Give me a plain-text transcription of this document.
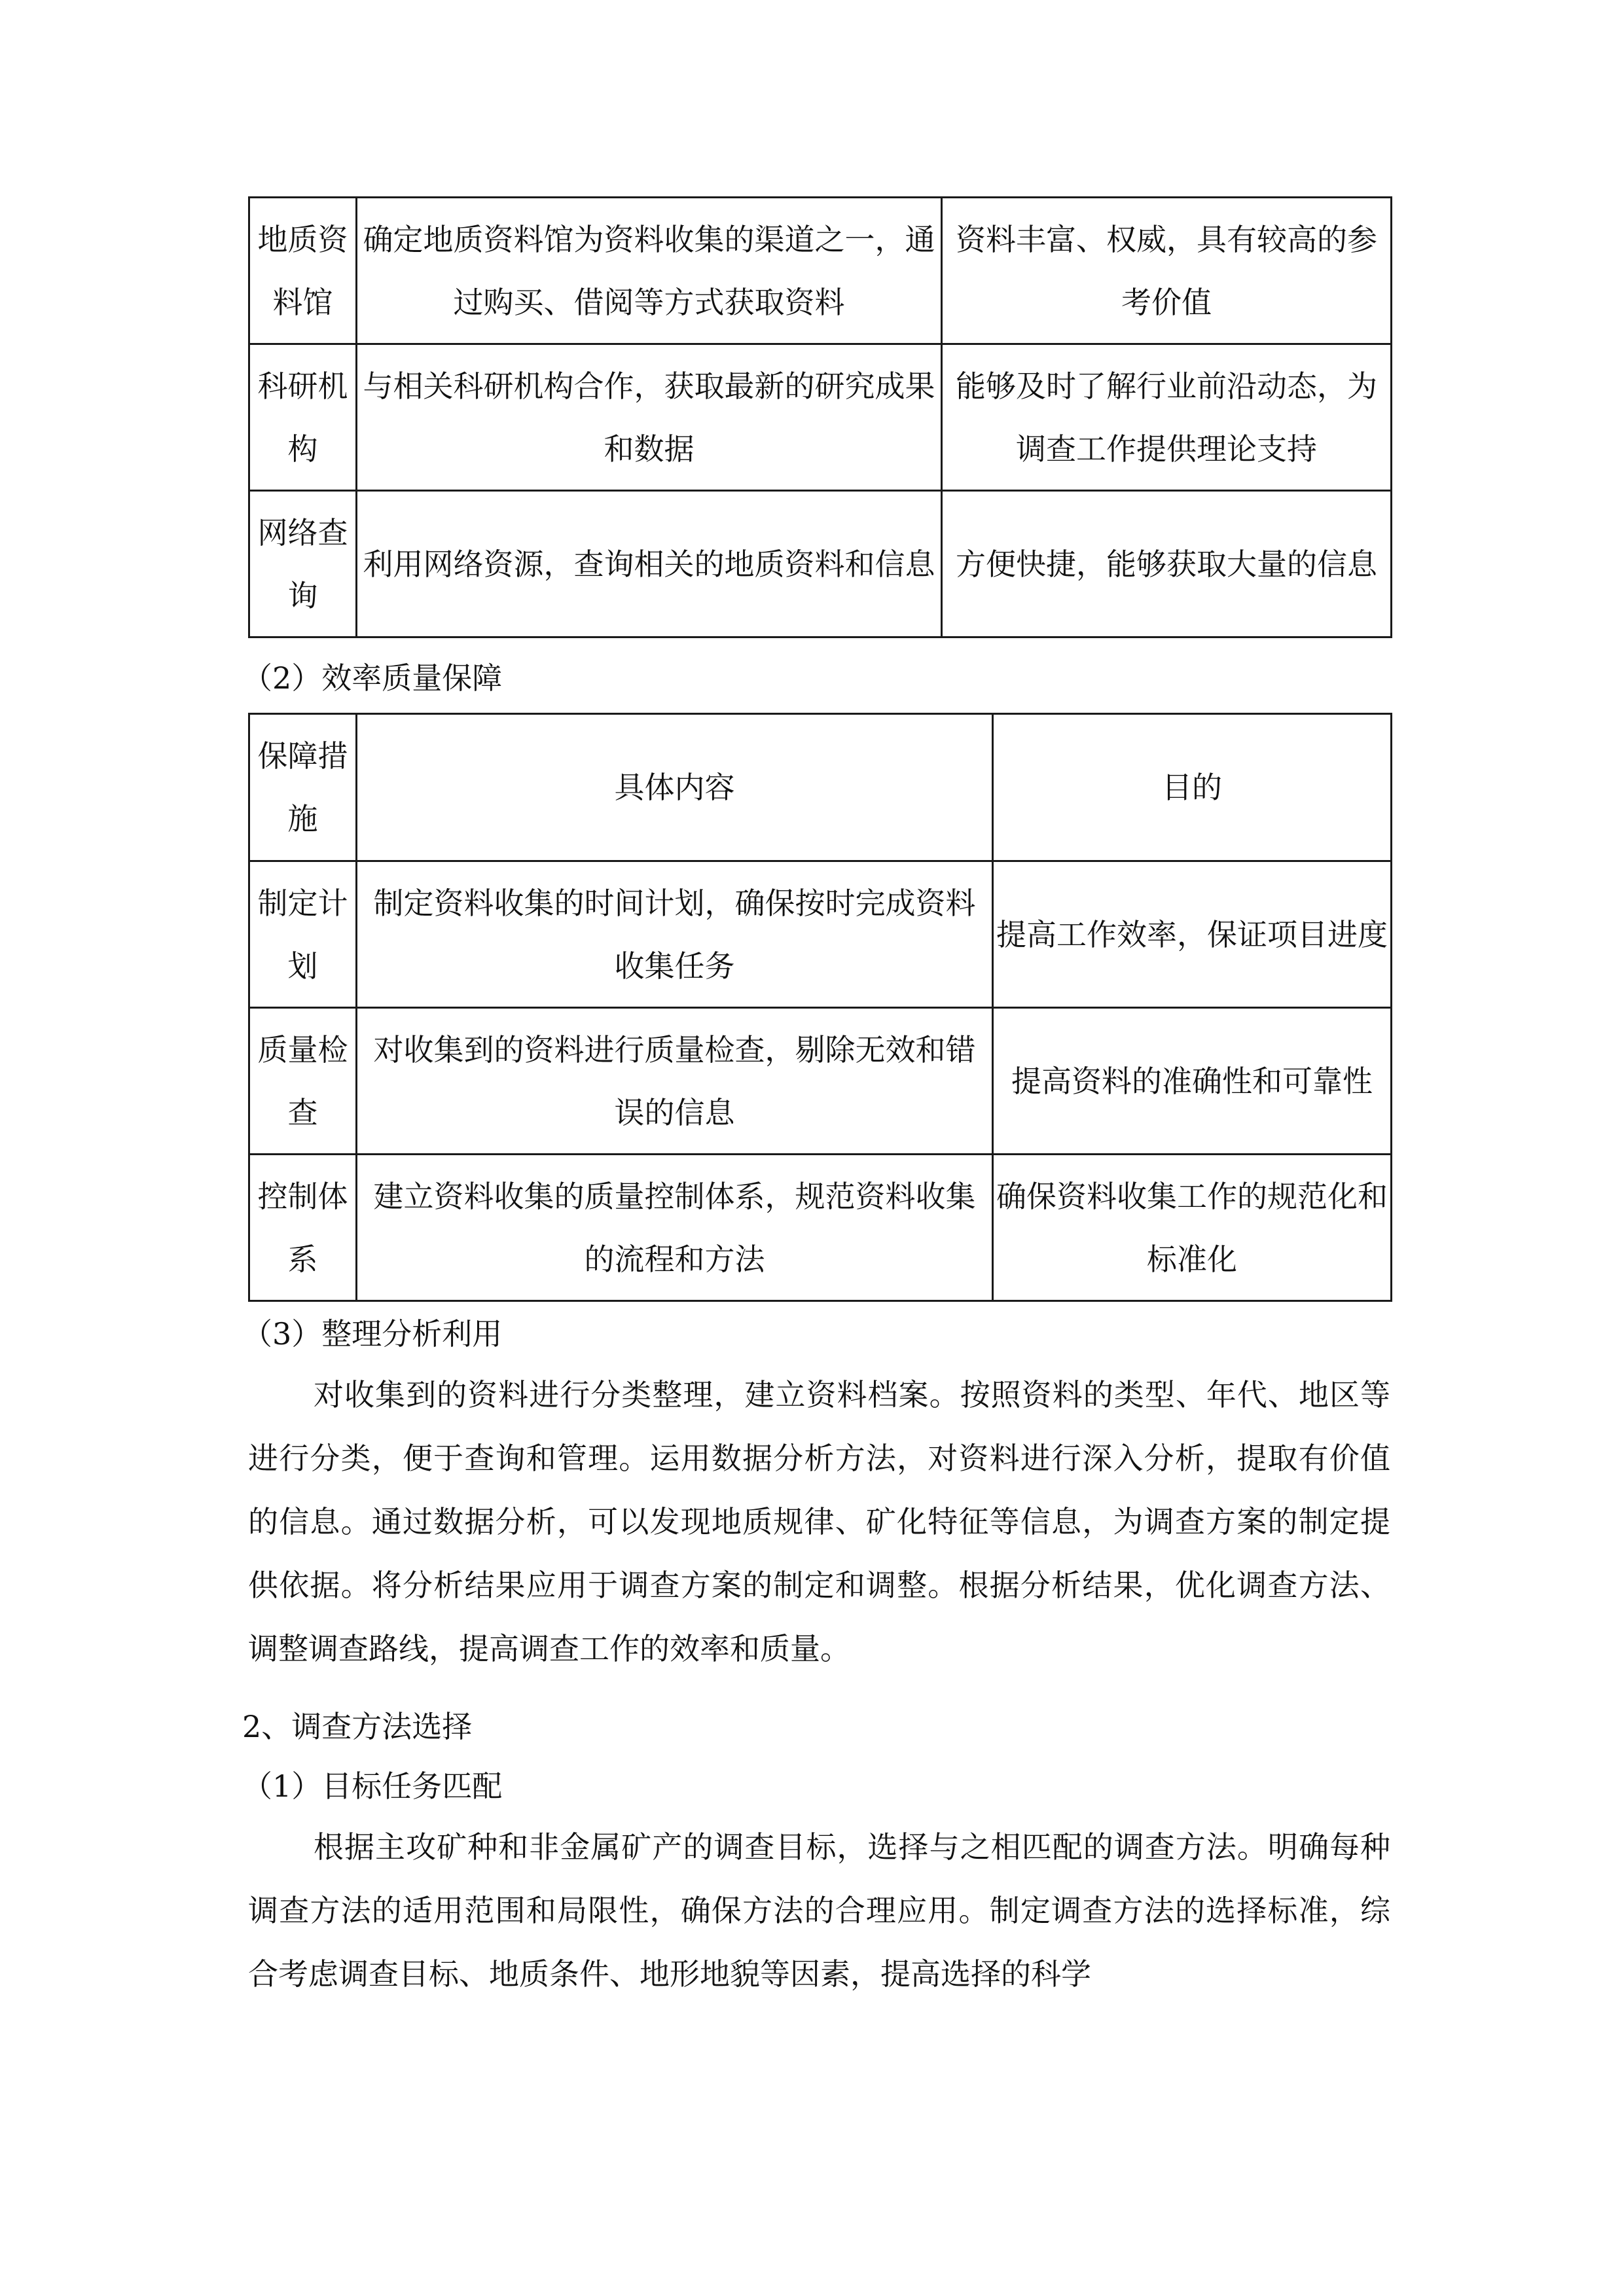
地质资料馆	确定地质资料馆为资料收集的渠道之一，通过购买、借阅等方式获取资料	资料丰富、权威，具有较高的参考价值
科研机构	与相关科研机构合作，获取最新的研究成果和数据	能够及时了解行业前沿动态，为调查工作提供理论支持
网络查询	利用网络资源，查询相关的地质资料和信息	方便快捷，能够获取大量的信息
（2）效率质量保障
保障措施	具体内容	目的
制定计划	制定资料收集的时间计划，确保按时完成资料收集任务	提高工作效率，保证项目进度
质量检查	对收集到的资料进行质量检查，剔除无效和错误的信息	提高资料的准确性和可靠性
控制体系	建立资料收集的质量控制体系，规范资料收集的流程和方法	确保资料收集工作的规范化和标准化
（3）整理分析利用

对收集到的资料进行分类整理，建立资料档案。按照资料的类型、年代、地区等进行分类，便于查询和管理。运用数据分析方法，对资料进行深入分析，提取有价值的信息。通过数据分析，可以发现地质规律、矿化特征等信息，为调查方案的制定提供依据。将分析结果应用于调查方案的制定和调整。根据分析结果，优化调查方法、调整调查路线，提高调查工作的效率和质量。

2、调查方法选择
（1）目标任务匹配

根据主攻矿种和非金属矿产的调查目标，选择与之相匹配的调查方法。明确每种调查方法的适用范围和局限性，确保方法的合理应用。制定调查方法的选择标准，综合考虑调查目标、地质条件、地形地貌等因素，提高选择的科学
